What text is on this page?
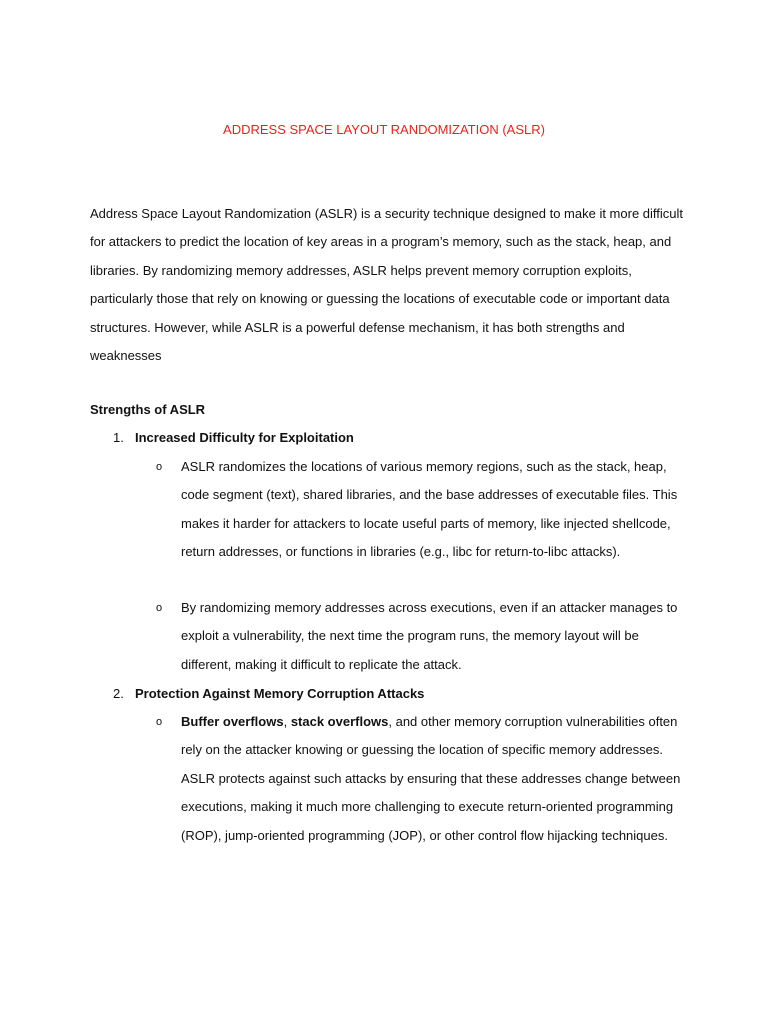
ADDRESS SPACE LAYOUT RANDOMIZATION (ASLR)

Address Space Layout Randomization (ASLR) is a security technique designed to make it more difficult for attackers to predict the location of key areas in a program’s memory, such as the stack, heap, and libraries. By randomizing memory addresses, ASLR helps prevent memory corruption exploits, particularly those that rely on knowing or guessing the locations of executable code or important data structures. However, while ASLR is a powerful defense mechanism, it has both strengths and weaknesses

Strengths of ASLR
1. Increased Difficulty for Exploitation
o ASLR randomizes the locations of various memory regions, such as the stack, heap, code segment (text), shared libraries, and the base addresses of executable files. This makes it harder for attackers to locate useful parts of memory, like injected shellcode, return addresses, or functions in libraries (e.g., libc for return-to-libc attacks).

o By randomizing memory addresses across executions, even if an attacker manages to exploit a vulnerability, the next time the program runs, the memory layout will be different, making it difficult to replicate the attack.

2. Protection Against Memory Corruption Attacks
o Buffer overflows, stack overflows, and other memory corruption vulnerabilities often rely on the attacker knowing or guessing the location of specific memory addresses. ASLR protects against such attacks by ensuring that these addresses change between executions, making it much more challenging to execute return-oriented programming (ROP), jump-oriented programming (JOP), or other control flow hijacking techniques.
